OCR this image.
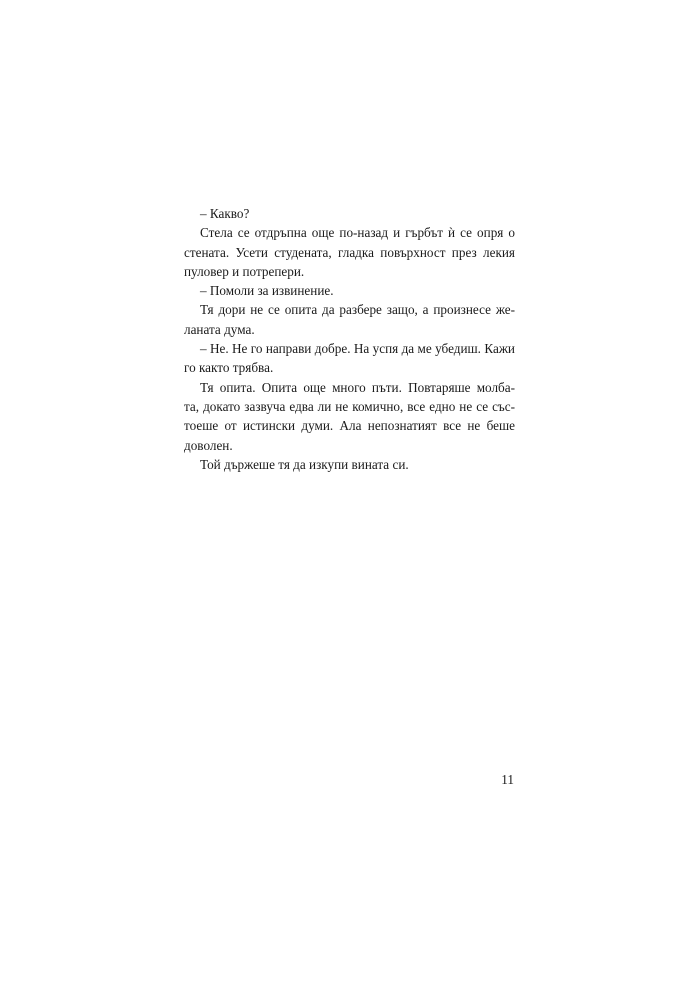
– Какво?
Стела се отдръпна още по-назад и гърбът ѝ се опря о
стената. Усети студената, гладка повърхност през лекия
пуловер и потрепери.
– Помоли за извинение.
Тя дори не се опита да разбере защо, а произнесе же-
ланата дума.
– Не. Не го направи добре. На успя да ме убедиш. Кажи
го както трябва.
Тя опита. Опита още много пъти. Повтаряше молба-
та, докато зазвуча едва ли не комично, все едно не се със-
тоеше от истински думи. Ала непознатият все не беше
доволен.
Той държеше тя да изкупи вината си.
11
